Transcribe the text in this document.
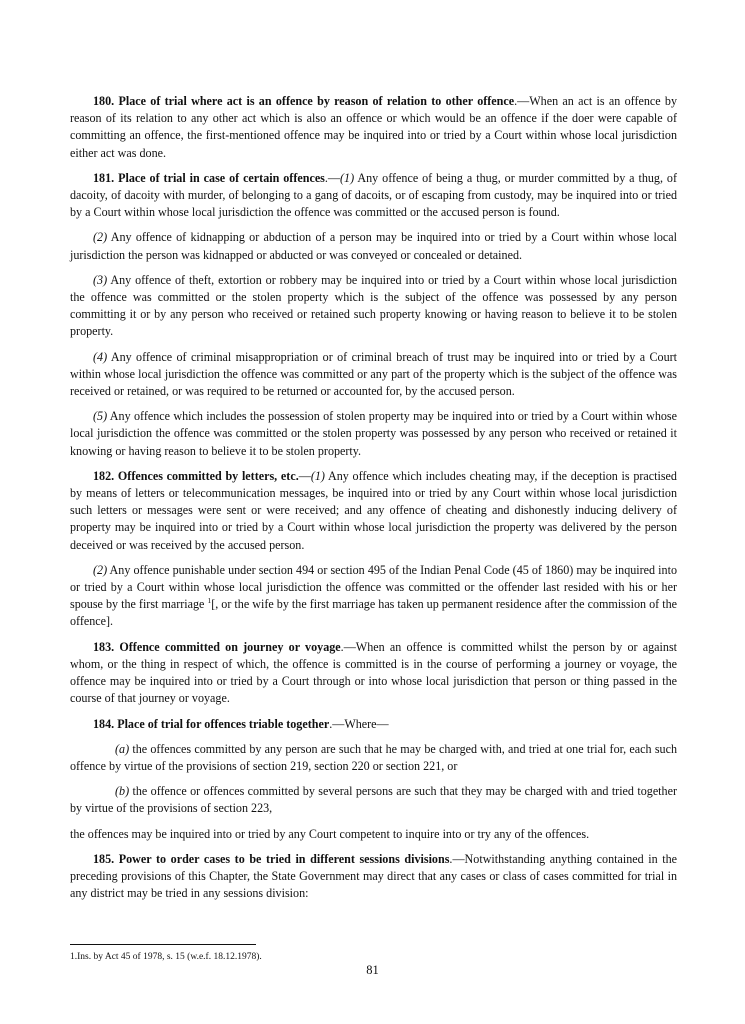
180. Place of trial where act is an offence by reason of relation to other offence.—When an act is an offence by reason of its relation to any other act which is also an offence or which would be an offence if the doer were capable of committing an offence, the first-mentioned offence may be inquired into or tried by a Court within whose local jurisdiction either act was done.

181. Place of trial in case of certain offences.—(1) Any offence of being a thug, or murder committed by a thug, of dacoity, of dacoity with murder, of belonging to a gang of dacoits, or of escaping from custody, may be inquired into or tried by a Court within whose local jurisdiction the offence was committed or the accused person is found.

(2) Any offence of kidnapping or abduction of a person may be inquired into or tried by a Court within whose local jurisdiction the person was kidnapped or abducted or was conveyed or concealed or detained.

(3) Any offence of theft, extortion or robbery may be inquired into or tried by a Court within whose local jurisdiction the offence was committed or the stolen property which is the subject of the offence was possessed by any person committing it or by any person who received or retained such property knowing or having reason to believe it to be stolen property.

(4) Any offence of criminal misappropriation or of criminal breach of trust may be inquired into or tried by a Court within whose local jurisdiction the offence was committed or any part of the property which is the subject of the offence was received or retained, or was required to be returned or accounted for, by the accused person.

(5) Any offence which includes the possession of stolen property may be inquired into or tried by a Court within whose local jurisdiction the offence was committed or the stolen property was possessed by any person who received or retained it knowing or having reason to believe it to be stolen property.

182. Offences committed by letters, etc.—(1) Any offence which includes cheating may, if the deception is practised by means of letters or telecommunication messages, be inquired into or tried by any Court within whose local jurisdiction such letters or messages were sent or were received; and any offence of cheating and dishonestly inducing delivery of property may be inquired into or tried by a Court within whose local jurisdiction the property was delivered by the person deceived or was received by the accused person.

(2) Any offence punishable under section 494 or section 495 of the Indian Penal Code (45 of 1860) may be inquired into or tried by a Court within whose local jurisdiction the offence was committed or the offender last resided with his or her spouse by the first marriage $^1$[, or the wife by the first marriage has taken up permanent residence after the commission of the offence].

183. Offence committed on journey or voyage.—When an offence is committed whilst the person by or against whom, or the thing in respect of which, the offence is committed is in the course of performing a journey or voyage, the offence may be inquired into or tried by a Court through or into whose local jurisdiction that person or thing passed in the course of that journey or voyage.

184. Place of trial for offences triable together.—Where—

(a) the offences committed by any person are such that he may be charged with, and tried at one trial for, each such offence by virtue of the provisions of section 219, section 220 or section 221, or

(b) the offence or offences committed by several persons are such that they may be charged with and tried together by virtue of the provisions of section 223,

the offences may be inquired into or tried by any Court competent to inquire into or try any of the offences.

185. Power to order cases to be tried in different sessions divisions.—Notwithstanding anything contained in the preceding provisions of this Chapter, the State Government may direct that any cases or class of cases committed for trial in any district may be tried in any sessions division:

1.Ins. by Act 45 of 1978, s. 15 (w.e.f. 18.12.1978).
81
